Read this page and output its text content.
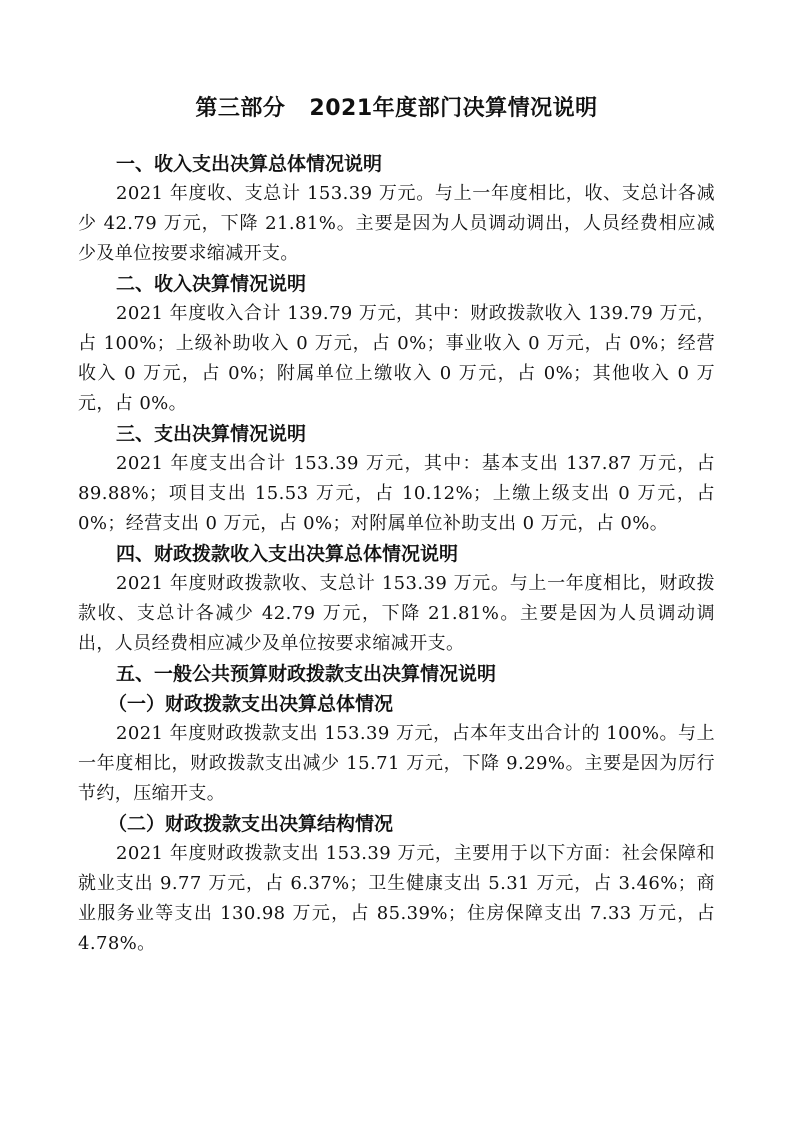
第三部分 2021年度部门决算情况说明
一、收入支出决算总体情况说明
2021 年度收、支总计 153.39 万元。与上一年度相比，收、支总计各减少 42.79 万元，下降 21.81%。主要是因为人员调动调出，人员经费相应减少及单位按要求缩减开支。
二、收入决算情况说明
2021 年度收入合计 139.79 万元，其中：财政拨款收入 139.79 万元，占 100%；上级补助收入 0 万元，占 0%；事业收入 0 万元，占 0%；经营收入 0 万元，占 0%；附属单位上缴收入 0 万元，占 0%；其他收入 0 万元，占 0%。
三、支出决算情况说明
2021 年度支出合计 153.39 万元，其中：基本支出 137.87 万元，占 89.88%；项目支出 15.53 万元，占 10.12%；上缴上级支出 0 万元，占 0%；经营支出 0 万元，占 0%；对附属单位补助支出 0 万元，占 0%。
四、财政拨款收入支出决算总体情况说明
2021 年度财政拨款收、支总计 153.39 万元。与上一年度相比，财政拨款收、支总计各减少 42.79 万元，下降 21.81%。主要是因为人员调动调出，人员经费相应减少及单位按要求缩减开支。
五、一般公共预算财政拨款支出决算情况说明
（一）财政拨款支出决算总体情况
2021 年度财政拨款支出 153.39 万元，占本年支出合计的 100%。与上一年度相比，财政拨款支出减少 15.71 万元，下降 9.29%。主要是因为厉行节约，压缩开支。
（二）财政拨款支出决算结构情况
2021 年度财政拨款支出 153.39 万元，主要用于以下方面：社会保障和就业支出 9.77 万元，占 6.37%；卫生健康支出 5.31 万元，占 3.46%；商业服务业等支出 130.98 万元，占 85.39%；住房保障支出 7.33 万元，占 4.78%。
